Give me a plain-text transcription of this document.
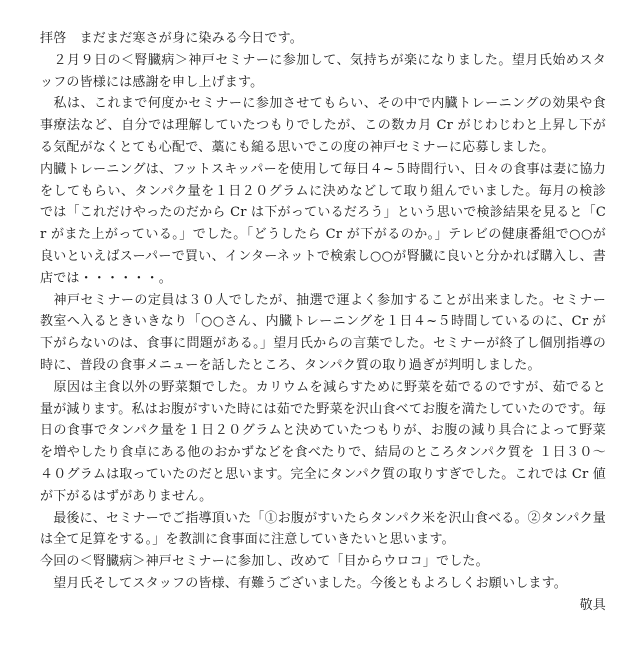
拝啓　まだまだ寒さが身に染みる今日です。

　２月９日の＜腎臓病＞神戸セミナーに参加して、気持ちが楽になりました。望月氏始めスタッフの皆様には感謝を申し上げます。

　私は、これまで何度かセミナーに参加させてもらい、その中で内臓トレーニングの効果や食事療法など、自分では理解していたつもりでしたが、この数カ月 Cr がじわじわと上昇し下がる気配がなくとても心配で、藁にも縋る思いでこの度の神戸セミナーに応募しました。

内臓トレーニングは、フットスキッパーを使用して毎日４~５時間行い、日々の食事は妻に協力をしてもらい、タンパク量を１日２０グラムに決めなどして取り組んでいました。毎月の検診では「これだけやったのだから Cr は下がっているだろう」という思いで検診結果を見ると「Cr がまた上がっている。」でした。「どうしたら Cr が下がるのか。」テレビの健康番組で○○が良いといえばスーパーで買い、インターネットで検索し○○が腎臓に良いと分かれば購入し、書店では・・・・・・。

　神戸セミナーの定員は３０人でしたが、抽選で運よく参加することが出来ました。セミナー教室へ入るときいきなり「○○さん、内臓トレーニングを１日４~５時間しているのに、Cr が下がらないのは、食事に問題がある。」望月氏からの言葉でした。セミナーが終了し個別指導の時に、普段の食事メニューを話したところ、タンパク質の取り過ぎが判明しました。

　原因は主食以外の野菜類でした。カリウムを減らすために野菜を茹でるのですが、茹でると量が減ります。私はお腹がすいた時には茹でた野菜を沢山食べてお腹を満たしていたのです。毎日の食事でタンパク量を１日２０グラムと決めていたつもりが、お腹の減り具合によって野菜を増やしたり食卓にある他のおかずなどを食べたりで、結局のところタンパク質を １日３０～４０グラムは取っていたのだと思います。完全にタンパク質の取りすぎでした。これでは Cr 値が下がるはずがありません。

　最後に、セミナーでご指導頂いた「①お腹がすいたらタンパク米を沢山食べる。②タンパク量は全て足算をする。」を教訓に食事面に注意していきたいと思います。

今回の＜腎臓病＞神戸セミナーに参加し、改めて「目からウロコ」でした。

　望月氏そしてスタッフの皆様、有難うございました。今後ともよろしくお願いします。

敬具
